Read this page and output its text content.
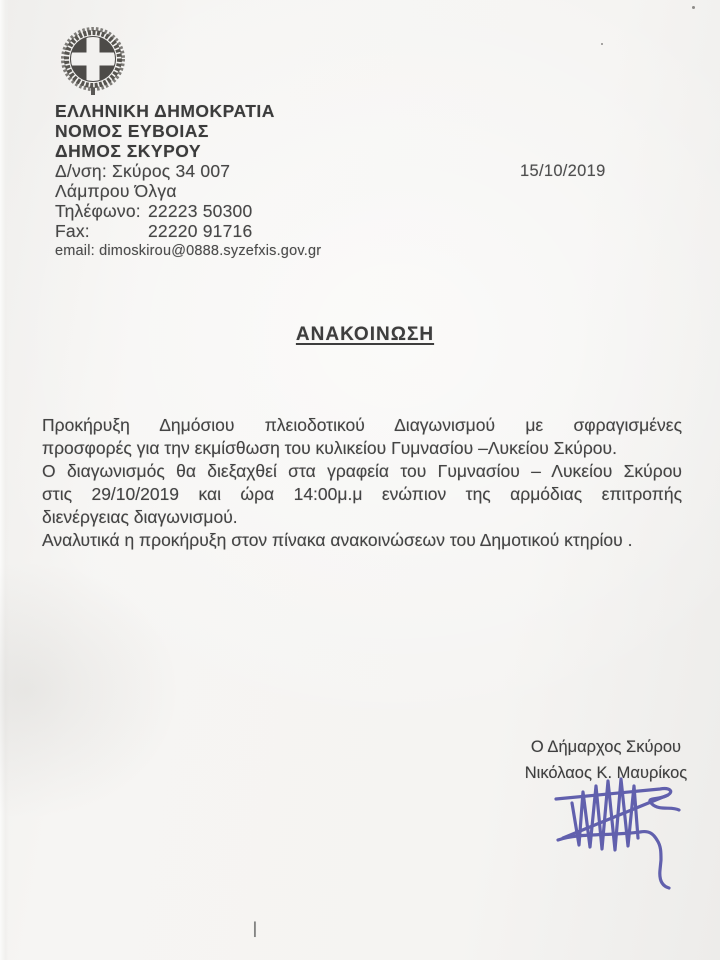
ΕΛΛΗΝΙΚΗ ΔΗΜΟΚΡΑΤΙΑ
ΝΟΜΟΣ ΕΥΒΟΙΑΣ
ΔΗΜΟΣ ΣΚΥΡΟΥ
Δ/νση: Σκύρος 34 007
Λάμπρου Όλγα
Τηλέφωνο: 22223 50300
Fax:	22220 91716
email: dimoskirou@0888.syzefxis.gov.gr
15/10/2019
ΑΝΑΚΟΙΝΩΣΗ
Προκήρυξη Δημόσιου πλειοδοτικού Διαγωνισμού με σφραγισμένες
προσφορές για την εκμίσθωση του κυλικείου Γυμνασίου –Λυκείου Σκύρου.
Ο διαγωνισμός θα διεξαχθεί στα γραφεία του Γυμνασίου – Λυκείου Σκύρου
στις 29/10/2019 και ώρα 14:00μ.μ ενώπιον της αρμόδιας επιτροπής
διενέργειας διαγωνισμού.
Αναλυτικά η προκήρυξη στον πίνακα ανακοινώσεων του Δημοτικού κτηρίου .
Ο Δήμαρχος Σκύρου
Νικόλαος Κ. Μαυρίκος
|
